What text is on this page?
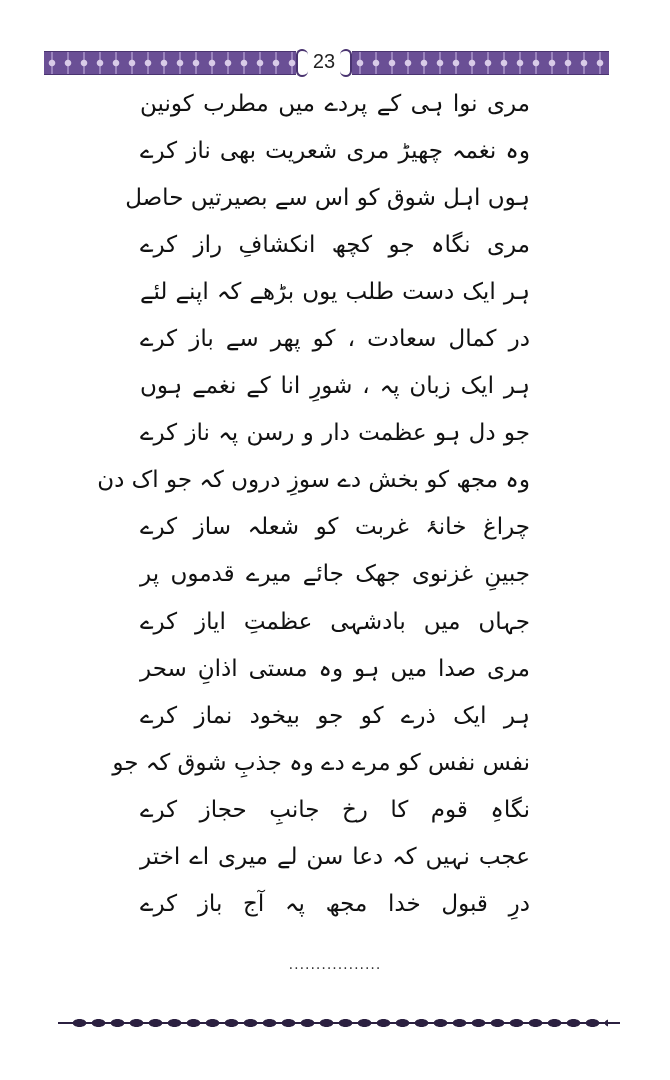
23
مری نوا ہی کے پردے میں مطرب کونین
وہ نغمہ چھیڑ مری شعریت بھی ناز کرے
ہوں اہل شوق کو اس سے بصیرتیں حاصل
مری نگاہ جو کچھ انکشافِ راز کرے
ہر ایک دست طلب یوں بڑھے کہ اپنے لئے
در کمال سعادت ، کو پھر سے باز کرے
ہر ایک زبان پہ ، شورِ انا کے نغمے ہوں
جو دل ہو عظمت دار و رسن پہ ناز کرے
وہ مجھ کو بخش دے سوزِ دروں کہ جو اک دن
چراغ خانۂ غربت کو شعلہ ساز کرے
جبینِ غزنوی جھک جائے میرے قدموں پر
جہاں میں بادشہی عظمتِ ایاز کرے
مری صدا میں ہو وہ مستی اذانِ سحر
ہر ایک ذرے کو جو بیخود نماز کرے
نفس نفس کو مرے دے وہ جذبِ شوق کہ جو
نگاہِ قوم کا رخ جانبِ حجاز کرے
عجب نہیں کہ دعا سن لے میری اے اختر
درِ قبول خدا مجھ پہ آج باز کرے
.................
